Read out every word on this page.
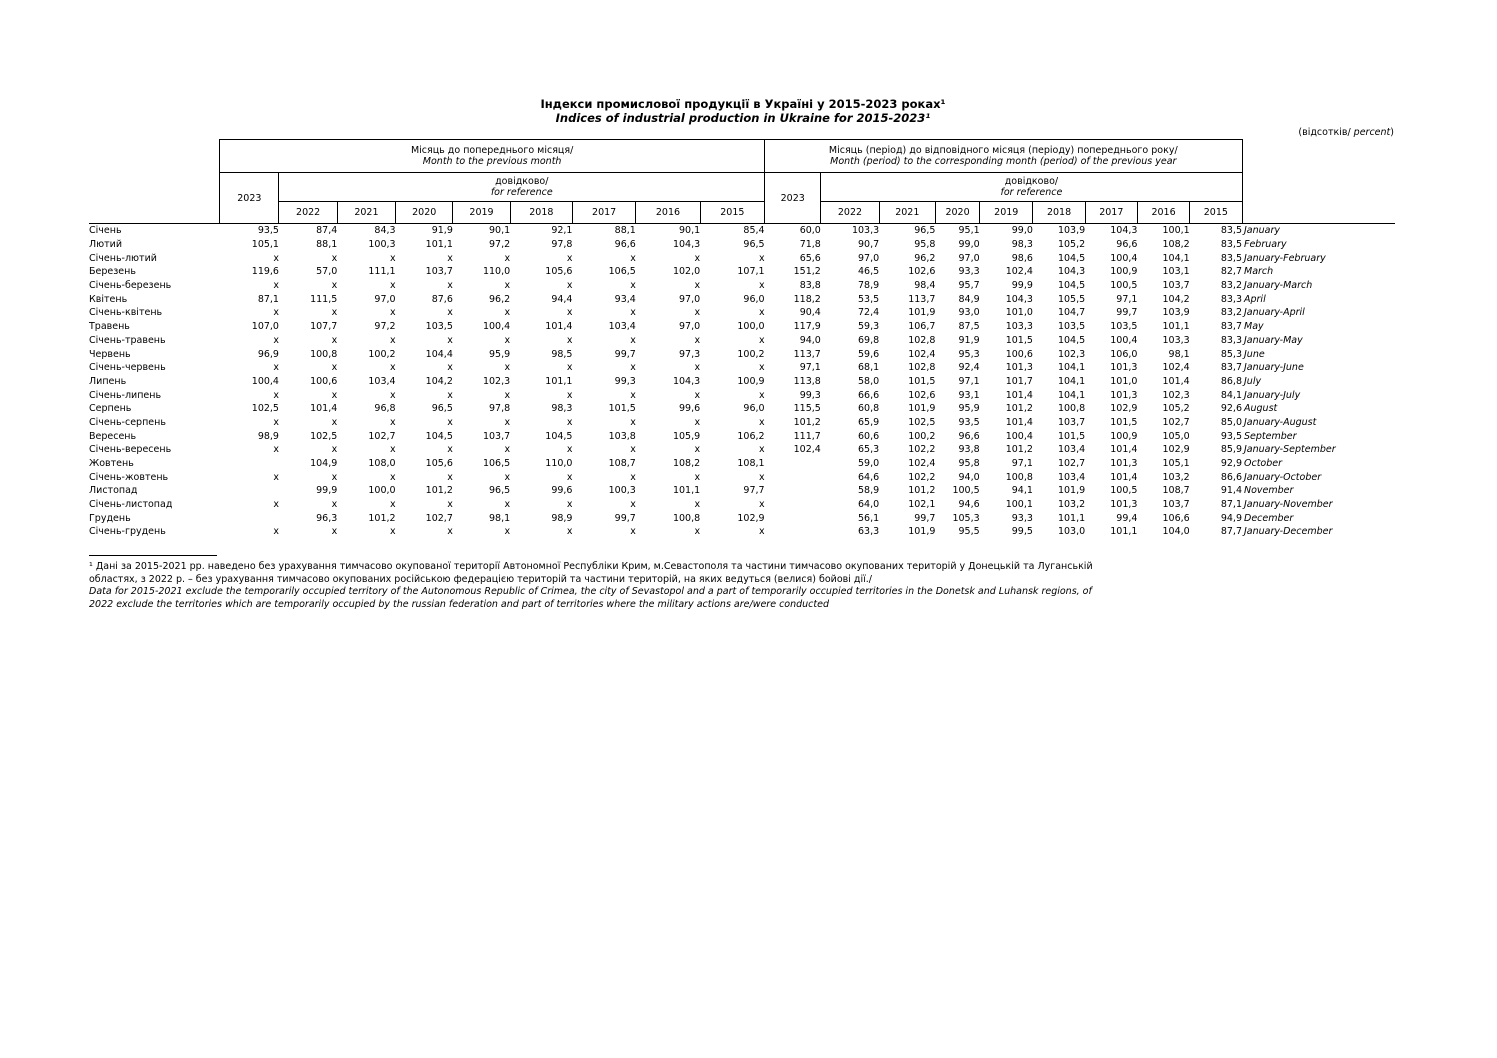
Індекси промислової продукції в Україні у 2015-2023 роках¹
Indices of industrial production in Ukraine for 2015-2023¹
(відсотків/ percent)
	Місяць до попереднього місяця/
Month to the previous month									Місяць (період) до відповідного місяця (періоду) попереднього року/
Month (period) to the corresponding month (period) of the previous year										
	2023	довідково/
for reference								2023	довідково/
for reference									
		2022	2021	2020	2019	2018	2017	2016	2015		2022	2021	2020	2019	2018	2017	2016	2015		
Січень	93,5	87,4	84,3	91,9	90,1	92,1	88,1	90,1	85,4	60,0	103,3	96,5	95,1	99,0	103,9	104,3	100,1	83,5		January
Лютий	105,1	88,1	100,3	101,1	97,2	97,8	96,6	104,3	96,5	71,8	90,7	95,8	99,0	98,3	105,2	96,6	108,2	83,5		February
Січень-лютий	x	x	x	x	x	x	x	x	x	65,6	97,0	96,2	97,0	98,6	104,5	100,4	104,1	83,5		January-February
Березень	119,6	57,0	111,1	103,7	110,0	105,6	106,5	102,0	107,1	151,2	46,5	102,6	93,3	102,4	104,3	100,9	103,1	82,7		March
Січень-березень	x	x	x	x	x	x	x	x	x	83,8	78,9	98,4	95,7	99,9	104,5	100,5	103,7	83,2		January-March
Квітень	87,1	111,5	97,0	87,6	96,2	94,4	93,4	97,0	96,0	118,2	53,5	113,7	84,9	104,3	105,5	97,1	104,2	83,3		April
Січень-квітень	x	x	x	x	x	x	x	x	x	90,4	72,4	101,9	93,0	101,0	104,7	99,7	103,9	83,2		January-April
Травень	107,0	107,7	97,2	103,5	100,4	101,4	103,4	97,0	100,0	117,9	59,3	106,7	87,5	103,3	103,5	103,5	101,1	83,7		May
Січень-травень	x	x	x	x	x	x	x	x	x	94,0	69,8	102,8	91,9	101,5	104,5	100,4	103,3	83,3		January-May
Червень	96,9	100,8	100,2	104,4	95,9	98,5	99,7	97,3	100,2	113,7	59,6	102,4	95,3	100,6	102,3	106,0	98,1	85,3		June
Січень-червень	x	x	x	x	x	x	x	x	x	97,1	68,1	102,8	92,4	101,3	104,1	101,3	102,4	83,7		January-June
Липень	100,4	100,6	103,4	104,2	102,3	101,1	99,3	104,3	100,9	113,8	58,0	101,5	97,1	101,7	104,1	101,0	101,4	86,8		July
Січень-липень	x	x	x	x	x	x	x	x	x	99,3	66,6	102,6	93,1	101,4	104,1	101,3	102,3	84,1		January-July
Серпень	102,5	101,4	96,8	96,5	97,8	98,3	101,5	99,6	96,0	115,5	60,8	101,9	95,9	101,2	100,8	102,9	105,2	92,6		August
Січень-серпень	x	x	x	x	x	x	x	x	x	101,2	65,9	102,5	93,5	101,4	103,7	101,5	102,7	85,0		January-August
Вересень	98,9	102,5	102,7	104,5	103,7	104,5	103,8	105,9	106,2	111,7	60,6	100,2	96,6	100,4	101,5	100,9	105,0	93,5		September
Січень-вересень	x	x	x	x	x	x	x	x	x	102,4	65,3	102,2	93,8	101,2	103,4	101,4	102,9	85,9		January-September
Жовтень		104,9	108,0	105,6	106,5	110,0	108,7	108,2	108,1		59,0	102,4	95,8	97,1	102,7	101,3	105,1	92,9		October
Січень-жовтень	x	x	x	x	x	x	x	x	x		64,6	102,2	94,0	100,8	103,4	101,4	103,2	86,6		January-October
Листопад		99,9	100,0	101,2	96,5	99,6	100,3	101,1	97,7		58,9	101,2	100,5	94,1	101,9	100,5	108,7	91,4		November
Січень-листопад	x	x	x	x	x	x	x	x	x		64,0	102,1	94,6	100,1	103,2	101,3	103,7	87,1		January-November
Грудень		96,3	101,2	102,7	98,1	98,9	99,7	100,8	102,9		56,1	99,7	105,3	93,3	101,1	99,4	106,6	94,9		December
Січень-грудень	x	x	x	x	x	x	x	x	x		63,3	101,9	95,5	99,5	103,0	101,1	104,0	87,7		January-December
¹ Дані за 2015-2021 рр. наведено без урахування тимчасово окупованої території Автономної Республіки Крим, м.Севастополя та частини тимчасово окупованих територій у Донецькій та Луганській
областях, з 2022 р. – без урахування тимчасово окупованих російською федерацією територій та частини територій, на яких ведуться (велися) бойові дії./
Data for 2015-2021 exclude the temporarily occupied territory of the Autonomous Republic of Crimea, the city of Sevastopol and a part of temporarily occupied territories in the Donetsk and Luhansk regions, of
2022 exclude the territories which are temporarily occupied by the russian federation and part of territories where the military actions are/were conducted
